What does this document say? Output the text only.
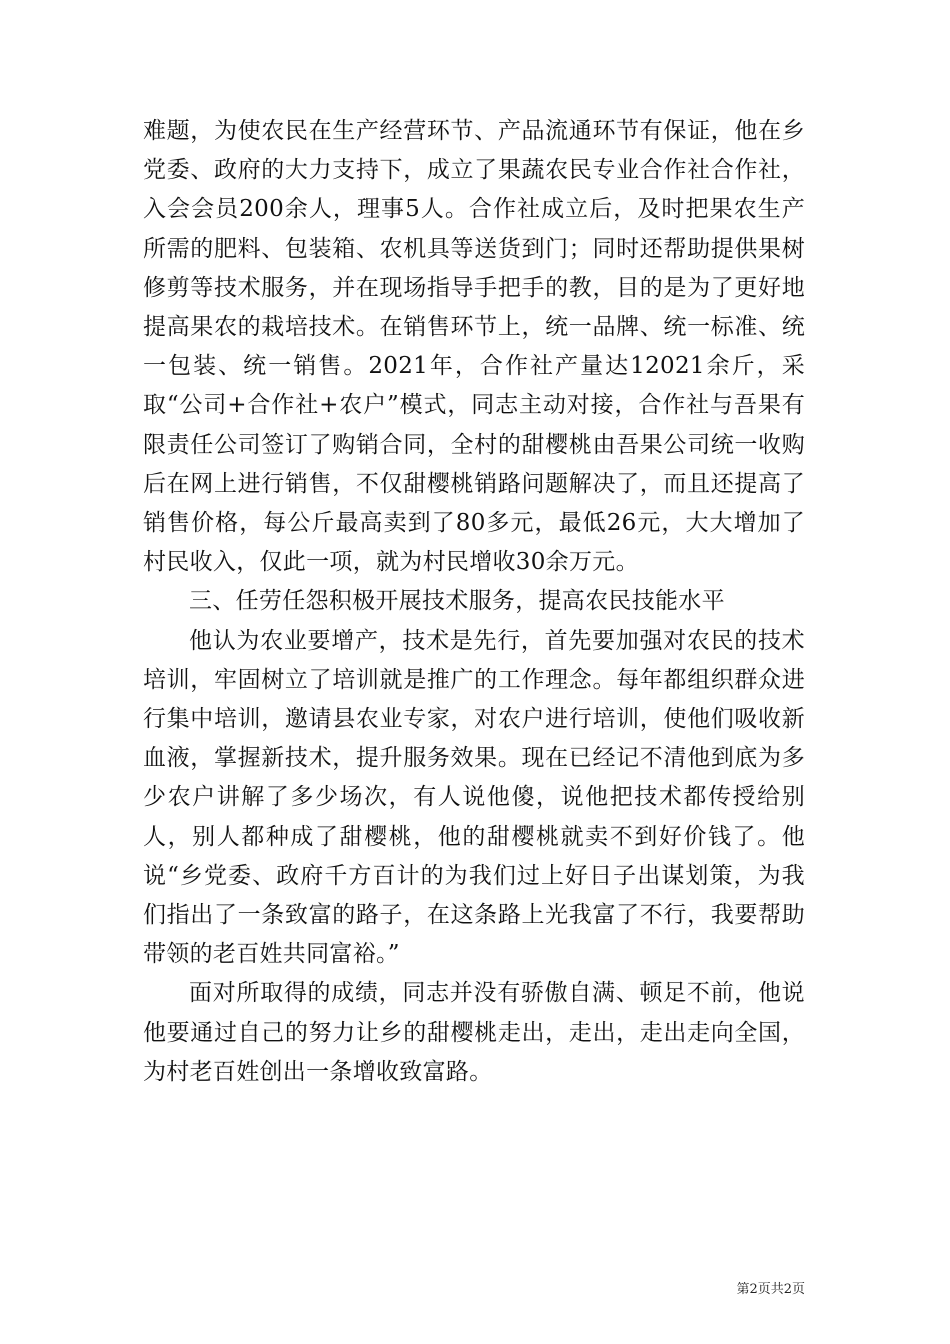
难题，为使农民在生产经营环节、产品流通环节有保证，他在乡党委、政府的大力支持下，成立了果蔬农民专业合作社合作社，入会会员200余人，理事5人。合作社成立后，及时把果农生产所需的肥料、包装箱、农机具等送货到门；同时还帮助提供果树修剪等技术服务，并在现场指导手把手的教，目的是为了更好地提高果农的栽培技术。在销售环节上，统一品牌、统一标准、统一包装、统一销售。2021年，合作社产量达12021余斤，采取“公司+合作社+农户”模式，同志主动对接，合作社与吾果有限责任公司签订了购销合同，全村的甜樱桃由吾果公司统一收购后在网上进行销售，不仅甜樱桃销路问题解决了，而且还提高了销售价格，每公斤最高卖到了80多元，最低26元，大大增加了村民收入，仅此一项，就为村民增收30余万元。

三、任劳任怨积极开展技术服务，提高农民技能水平

他认为农业要增产，技术是先行，首先要加强对农民的技术培训，牢固树立了培训就是推广的工作理念。每年都组织群众进行集中培训，邀请县农业专家，对农户进行培训，使他们吸收新血液，掌握新技术，提升服务效果。现在已经记不清他到底为多少农户讲解了多少场次，有人说他傻，说他把技术都传授给别人，别人都种成了甜樱桃，他的甜樱桃就卖不到好价钱了。他说“乡党委、政府千方百计的为我们过上好日子出谋划策，为我们指出了一条致富的路子，在这条路上光我富了不行，我要帮助带领的老百姓共同富裕。”

面对所取得的成绩，同志并没有骄傲自满、顿足不前，他说他要通过自己的努力让乡的甜樱桃走出，走出，走出走向全国，为村老百姓创出一条增收致富路。

第2页共2页
